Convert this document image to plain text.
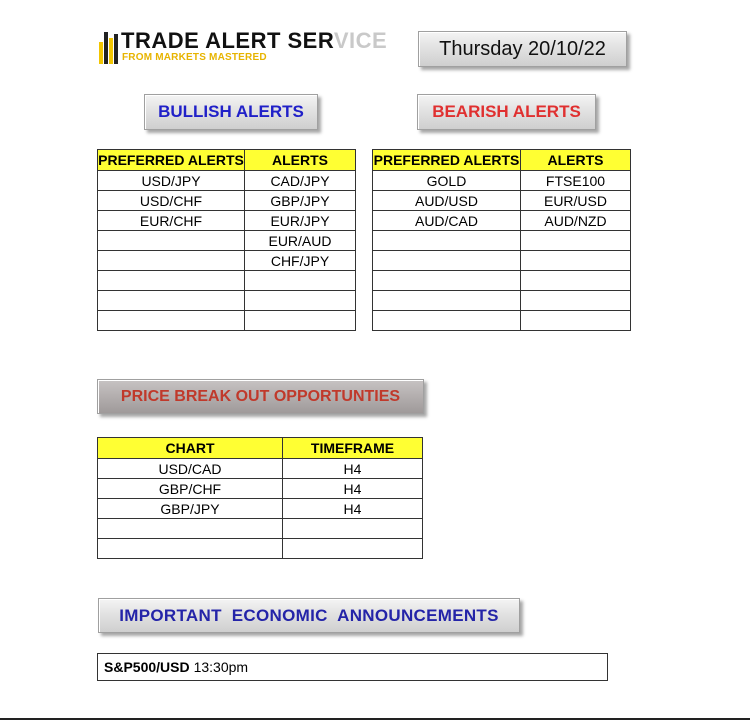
TRADE ALERT SERVICE
FROM MARKETS MASTERED	Thursday 20/10/22
BULLISH ALERTS	BEARISH ALERTS
PREFERRED ALERTS	ALERTS
USD/JPY	CAD/JPY
USD/CHF	GBP/JPY
EUR/CHF	EUR/JPY
	EUR/AUD
	CHF/JPY

PREFERRED ALERTS	ALERTS
GOLD	FTSE100
AUD/USD	EUR/USD
AUD/CAD	AUD/NZD

PRICE BREAK OUT OPPORTUNTIES
CHART	TIMEFRAME
USD/CAD	H4
GBP/CHF	H4
GBP/JPY	H4

IMPORTANT  ECONOMIC  ANNOUNCEMENTS
S&P500/USD 13:30pm
